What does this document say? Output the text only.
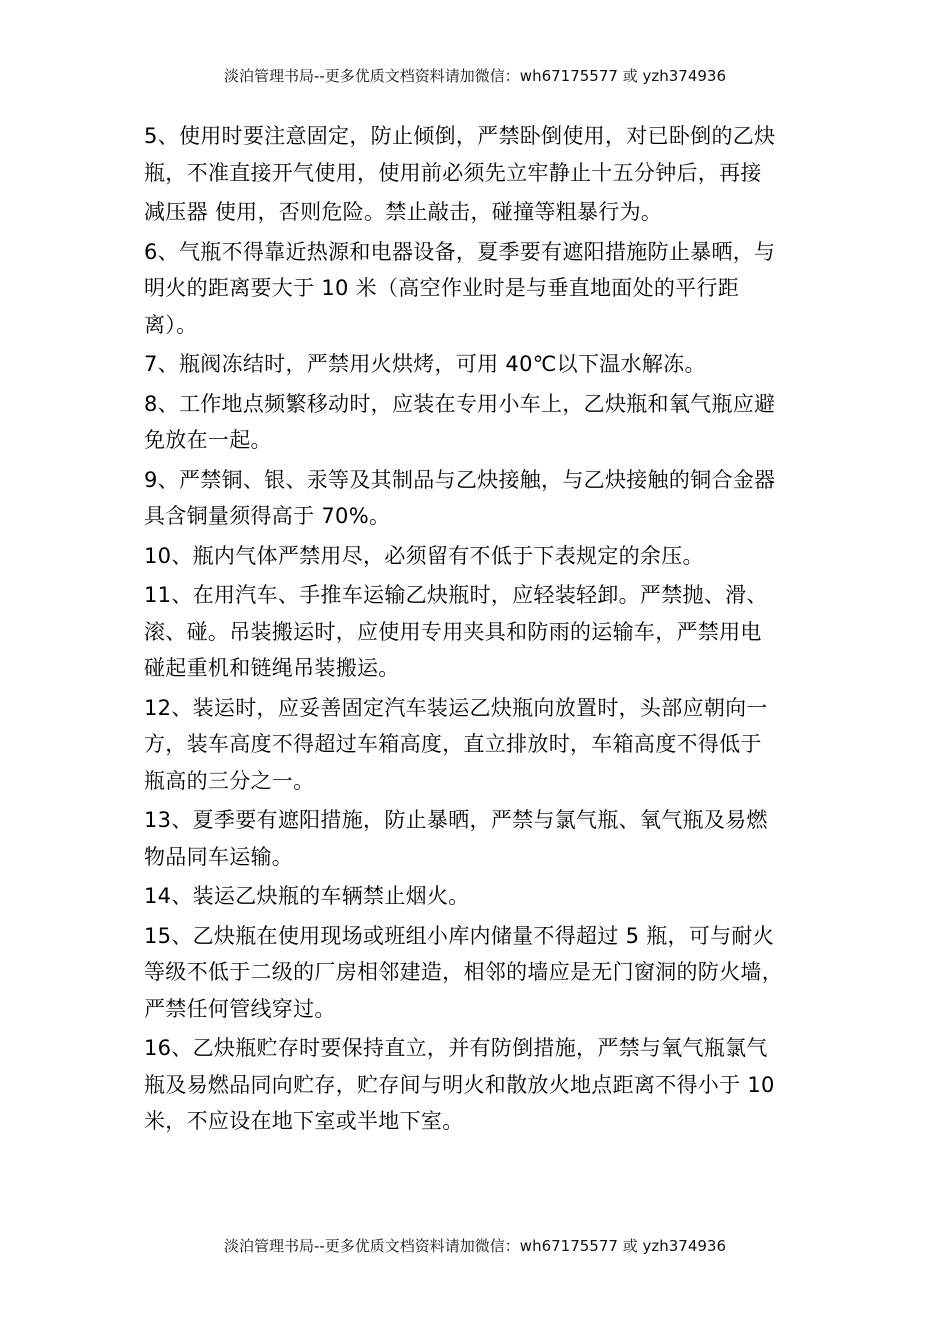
淡泊管理书局--更多优质文档资料请加微信：wh67175577 或 yzh374936

5、使用时要注意固定，防止倾倒，严禁卧倒使用，对已卧倒的乙炔
瓶，不准直接开气使用，使用前必须先立牢静止十五分钟后，再接
减压器 使用，否则危险。禁止敲击，碰撞等粗暴行为。

6、气瓶不得靠近热源和电器设备，夏季要有遮阳措施防止暴晒，与
明火的距离要大于 10 米（高空作业时是与垂直地面处的平行距
离）。

7、瓶阀冻结时，严禁用火烘烤，可用 40℃以下温水解冻。

8、工作地点频繁移动时，应装在专用小车上，乙炔瓶和氧气瓶应避
免放在一起。

9、严禁铜、银、汞等及其制品与乙炔接触，与乙炔接触的铜合金器
具含铜量须得高于 70%。

10、瓶内气体严禁用尽，必须留有不低于下表规定的余压。

11、在用汽车、手推车运输乙炔瓶时，应轻装轻卸。严禁抛、滑、
滚、碰。吊装搬运时，应使用专用夹具和防雨的运输车，严禁用电
碰起重机和链绳吊装搬运。

12、装运时，应妥善固定汽车装运乙炔瓶向放置时，头部应朝向一
方，装车高度不得超过车箱高度，直立排放时，车箱高度不得低于
瓶高的三分之一。

13、夏季要有遮阳措施，防止暴晒，严禁与氯气瓶、氧气瓶及易燃
物品同车运输。

14、装运乙炔瓶的车辆禁止烟火。

15、乙炔瓶在使用现场或班组小库内储量不得超过 5 瓶，可与耐火
等级不低于二级的厂房相邻建造，相邻的墙应是无门窗洞的防火墙，
严禁任何管线穿过。

16、乙炔瓶贮存时要保持直立，并有防倒措施，严禁与氧气瓶氯气
瓶及易燃品同向贮存，贮存间与明火和散放火地点距离不得小于 10
米，不应设在地下室或半地下室。

淡泊管理书局--更多优质文档资料请加微信：wh67175577 或 yzh374936
